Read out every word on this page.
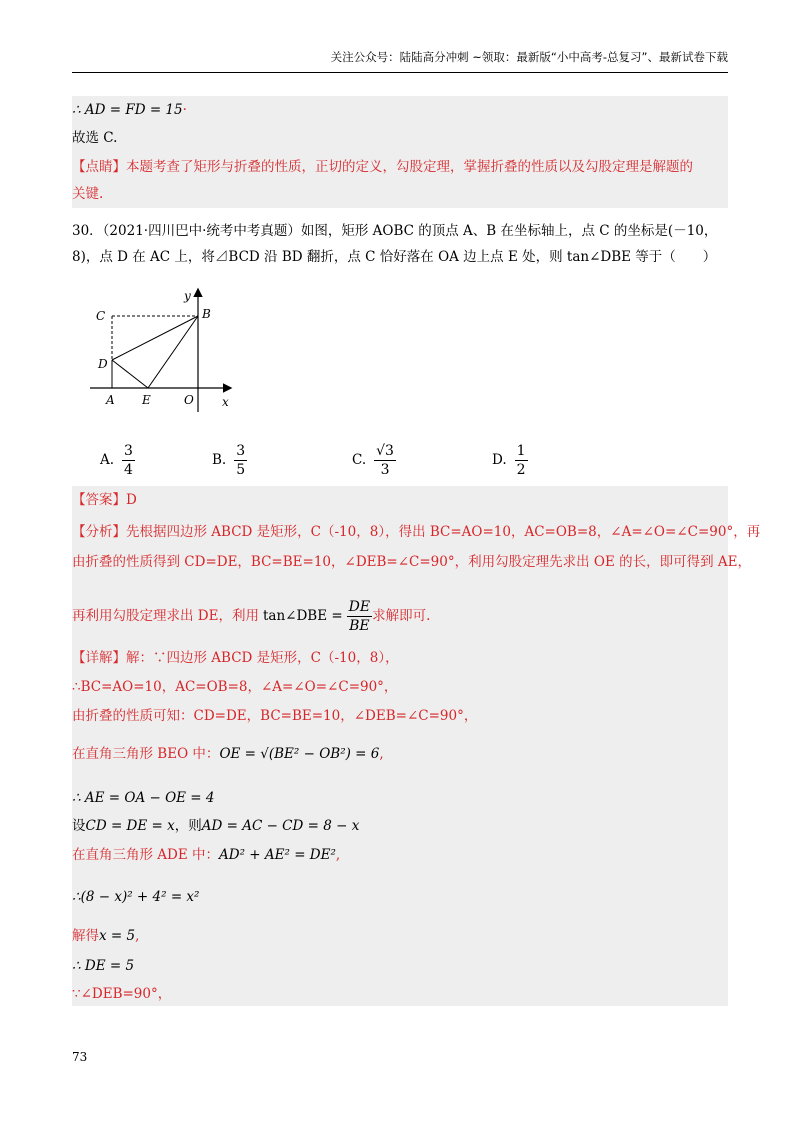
关注公众号：陆陆高分冲刺 ~领取：最新版“小中高考-总复习”、最新试卷下载
∴ AD = FD = 15·
故选 C.
【点睛】本题考查了矩形与折叠的性质，正切的定义，勾股定理，掌握折叠的性质以及勾股定理是解题的
关键.
30．（2021·四川巴中·统考中考真题）如图，矩形 AOBC 的顶点 A、B 在坐标轴上，点 C 的坐标是(－10，
8)，点 D 在 AC 上，将⊿BCD 沿 BD 翻折，点 C 恰好落在 OA 边上点 E 处，则 tan∠DBE 等于（　　）
y
B
C
D
A E	O x
A. $\frac{3}{4}$	B. $\frac{3}{5}$	C. $\frac{√3}{3}$	D. $\frac{1}{2}$
【答案】D
【分析】先根据四边形 ABCD 是矩形，C（-10，8），得出 BC=AO=10，AC=OB=8，∠A=∠O=∠C=90°，再
由折叠的性质得到 CD=DE，BC=BE=10，∠DEB=∠C=90°，利用勾股定理先求出 OE 的长，即可得到 AE，
再利用勾股定理求出 DE，利用 tan∠DBE = $\frac{DE}{BE}$ 求解即可.
【详解】解：∵四边形 ABCD 是矩形，C（-10，8），
∴BC=AO=10，AC=OB=8，∠A=∠O=∠C=90°，
由折叠的性质可知：CD=DE，BC=BE=10，∠DEB=∠C=90°，
在直角三角形 BEO 中：OE = √(BE² − OB²) = 6,
∴ AE = OA − OE = 4
设CD = DE = x，则AD = AC − CD = 8 − x
在直角三角形 ADE 中：AD² + AE² = DE²,
∴(8 − x)² + 4² = x²
解得x = 5,
∴ DE = 5
∵∠DEB=90°，
73
